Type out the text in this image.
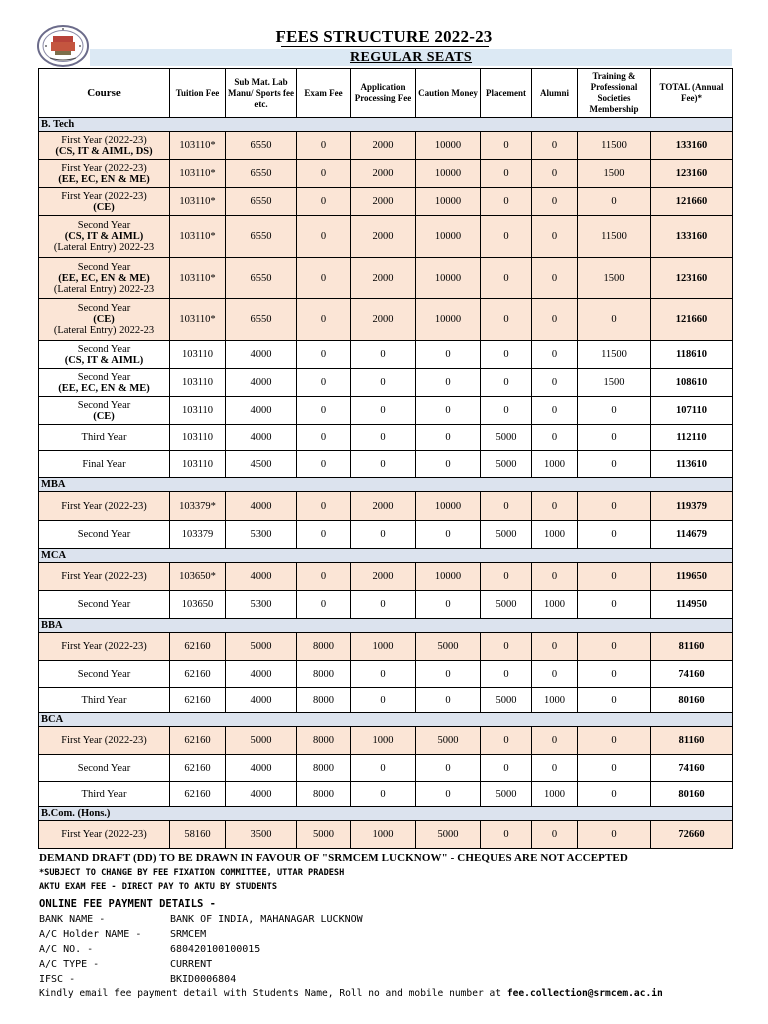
FEES STRUCTURE 2022-23
REGULAR SEATS
Course	Tuition Fee	Sub Mat. Lab Manu/ Sports fee etc.	Exam Fee	Application Processing Fee	Caution Money	Placement	Alumni	Training & Professional Societies Membership	TOTAL (Annual Fee)*
B. Tech									

First Year (2022-23)
(CS, IT & AIML, DS)	103110*	6550	0	2000	10000	0	0	11500	133160

First Year (2022-23)
(EE, EC, EN & ME)	103110*	6550	0	2000	10000	0	0	1500	123160

First Year (2022-23)
(CE)	103110*	6550	0	2000	10000	0	0	0	121660

Second Year
(CS, IT & AIML)
(Lateral Entry) 2022-23	103110*	6550	0	2000	10000	0	0	11500	133160

Second Year
(EE, EC, EN & ME)
(Lateral Entry) 2022-23	103110*	6550	0	2000	10000	0	0	1500	123160

Second Year
(CE)
(Lateral Entry) 2022-23	103110*	6550	0	2000	10000	0	0	0	121660

Second Year
(CS, IT & AIML)	103110	4000	0	0	0	0	0	11500	118610

Second Year
(EE, EC, EN & ME)	103110	4000	0	0	0	0	0	1500	108610

Second Year
(CE)	103110	4000	0	0	0	0	0	0	107110

Third Year	103110	4000	0	0	0	5000	0	0	112110

Final Year	103110	4500	0	0	0	5000	1000	0	113610
MBA									

First Year (2022-23)	103379*	4000	0	2000	10000	0	0	0	119379

Second Year	103379	5300	0	0	0	5000	1000	0	114679
MCA									

First Year (2022-23)	103650*	4000	0	2000	10000	0	0	0	119650

Second Year	103650	5300	0	0	0	5000	1000	0	114950
BBA									

First Year (2022-23)	62160	5000	8000	1000	5000	0	0	0	81160

Second Year	62160	4000	8000	0	0	0	0	0	74160

Third Year	62160	4000	8000	0	0	5000	1000	0	80160
BCA									

First Year (2022-23)	62160	5000	8000	1000	5000	0	0	0	81160

Second Year	62160	4000	8000	0	0	0	0	0	74160

Third Year	62160	4000	8000	0	0	5000	1000	0	80160
B.Com. (Hons.)									

First Year (2022-23)	58160	3500	5000	1000	5000	0	0	0	72660
DEMAND DRAFT (DD) TO BE DRAWN IN FAVOUR OF "SRMCEM LUCKNOW" - CHEQUES ARE NOT ACCEPTED
*SUBJECT TO CHANGE BY FEE FIXATION COMMITTEE, UTTAR PRADESH
AKTU EXAM FEE - DIRECT PAY TO AKTU BY STUDENTS
ONLINE FEE PAYMENT DETAILS -
BANK NAME -	BANK OF INDIA, MAHANAGAR LUCKNOW
A/C Holder NAME -	SRMCEM
A/C NO. -	680420100100015
A/C TYPE -	CURRENT
IFSC -	BKID0006804
Kindly email fee payment detail with Students Name, Roll no and mobile number at fee.collection@srmcem.ac.in
